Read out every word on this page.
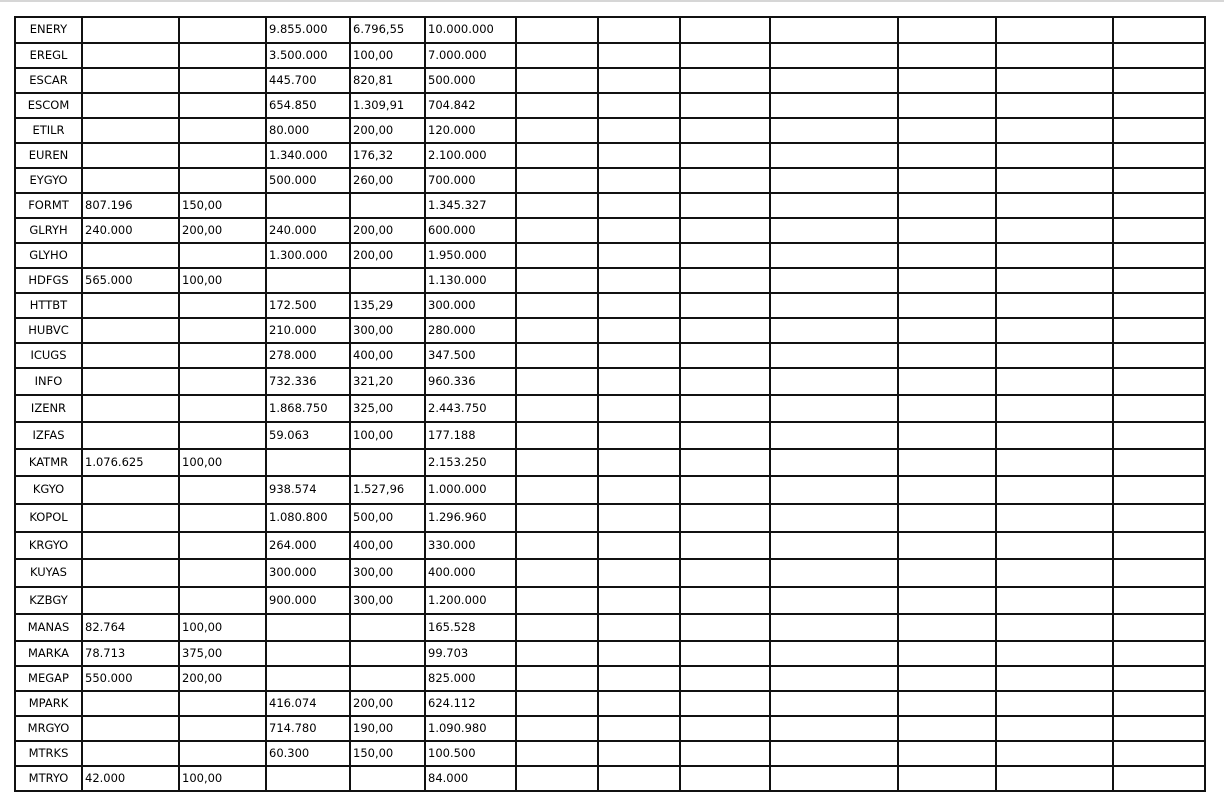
ENERY			9.855.000	6.796,55	10.000.000							
EREGL			3.500.000	100,00	7.000.000							
ESCAR			445.700	820,81	500.000							
ESCOM			654.850	1.309,91	704.842							
ETILR			80.000	200,00	120.000							
EUREN			1.340.000	176,32	2.100.000							
EYGYO			500.000	260,00	700.000							
FORMT	807.196	150,00			1.345.327							
GLRYH	240.000	200,00	240.000	200,00	600.000							
GLYHO			1.300.000	200,00	1.950.000							
HDFGS	565.000	100,00			1.130.000							
HTTBT			172.500	135,29	300.000							
HUBVC			210.000	300,00	280.000							
ICUGS			278.000	400,00	347.500							
INFO			732.336	321,20	960.336							
IZENR			1.868.750	325,00	2.443.750							
IZFAS			59.063	100,00	177.188							
KATMR	1.076.625	100,00			2.153.250							
KGYO			938.574	1.527,96	1.000.000							
KOPOL			1.080.800	500,00	1.296.960							
KRGYO			264.000	400,00	330.000							
KUYAS			300.000	300,00	400.000							
KZBGY			900.000	300,00	1.200.000							
MANAS	82.764	100,00			165.528							
MARKA	78.713	375,00			99.703							
MEGAP	550.000	200,00			825.000							
MPARK			416.074	200,00	624.112							
MRGYO			714.780	190,00	1.090.980							
MTRKS			60.300	150,00	100.500							
MTRYO	42.000	100,00			84.000							
